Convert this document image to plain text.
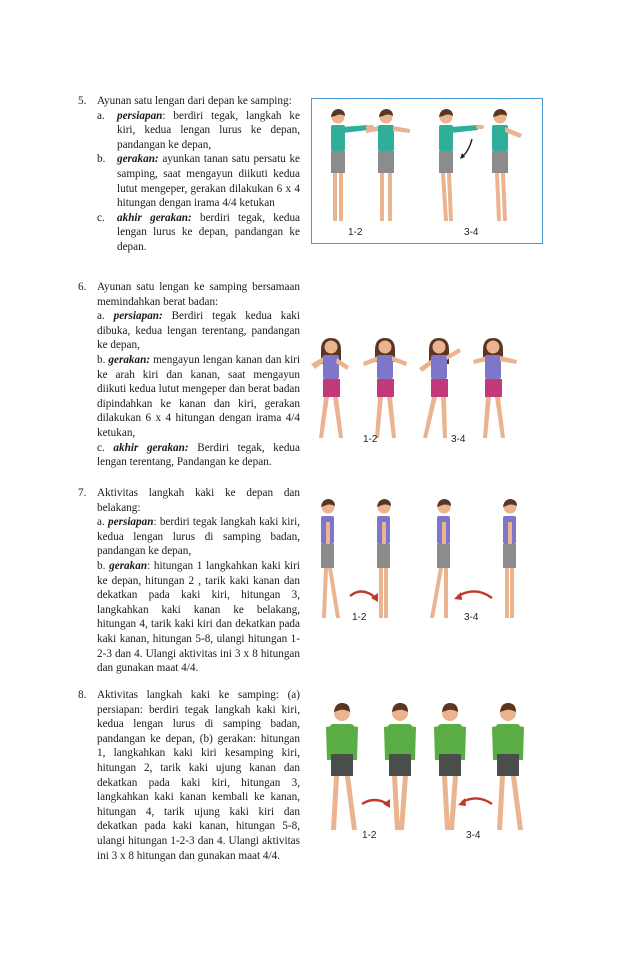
5. Ayunan satu lengan dari depan ke samping:

a. persiapan: berdiri tegak, langkah ke kiri, kedua lengan lurus ke depan, pandangan ke depan,
b. gerakan: ayunkan tanan satu persatu ke samping, saat mengayun diikuti kedua lutut mengeper, gerakan dilakukan 6 x 4 hitungan dengan irama 4/4 ketukan
c. akhir gerakan: berdiri tegak, kedua lengan lurus ke depan, pandangan ke depan.
6. Ayunan satu lengan ke samping bersamaan memindahkan berat badan:

a. persiapan: Berdiri tegak kedua kaki dibuka, kedua lengan terentang, pandangan ke depan,

b. gerakan: mengayun lengan kanan dan kiri ke arah kiri dan kanan, saat mengayun diikuti kedua lutut mengeper dan berat badan dipindahkan ke kanan dan kiri, gerakan dilakukan 6 x 4 hitungan dengan irama 4/4 ketukan,

c. akhir gerakan: Berdiri tegak, kedua lengan terentang, Pandangan ke depan.

7. Aktivitas langkah kaki ke depan dan belakang:

a. persiapan: berdiri tegak langkah kaki kiri, kedua lengan lurus di samping badan, pandangan ke depan,

b. gerakan: hitungan 1 langkahkan kaki kiri ke depan, hitungan 2 , tarik kaki kanan dan dekatkan pada kaki kiri, hitungan 3, langkahkan kaki kanan ke belakang, hitungan 4, tarik kaki kiri dan dekatkan pada kaki kanan, hitungan 5-8, ulangi hitungan 1-2-3 dan 4. Ulangi aktivitas ini 3 x 8 hitungan dan gunakan maat 4/4.

8. Aktivitas langkah kaki ke samping: (a) persiapan: berdiri tegak langkah kaki kiri, kedua lengan lurus di samping badan, pandangan ke depan, (b) gerakan: hitungan 1, langkahkan kaki kiri kesamping kiri, hitungan 2, tarik kaki ujung kanan dan dekatkan pada kaki kiri, hitungan 3, langkahkan kaki kanan kembali ke kanan, hitungan 4, tarik ujung kaki kiri dan dekatkan pada kaki kanan, hitungan 5-8, ulangi hitungan 1-2-3 dan 4. Ulangi aktivitas ini 3 x 8 hitungan dan gunakan maat 4/4.

1-2	3-4
1-2	3-4
1-2	3-4
1-2	3-4
